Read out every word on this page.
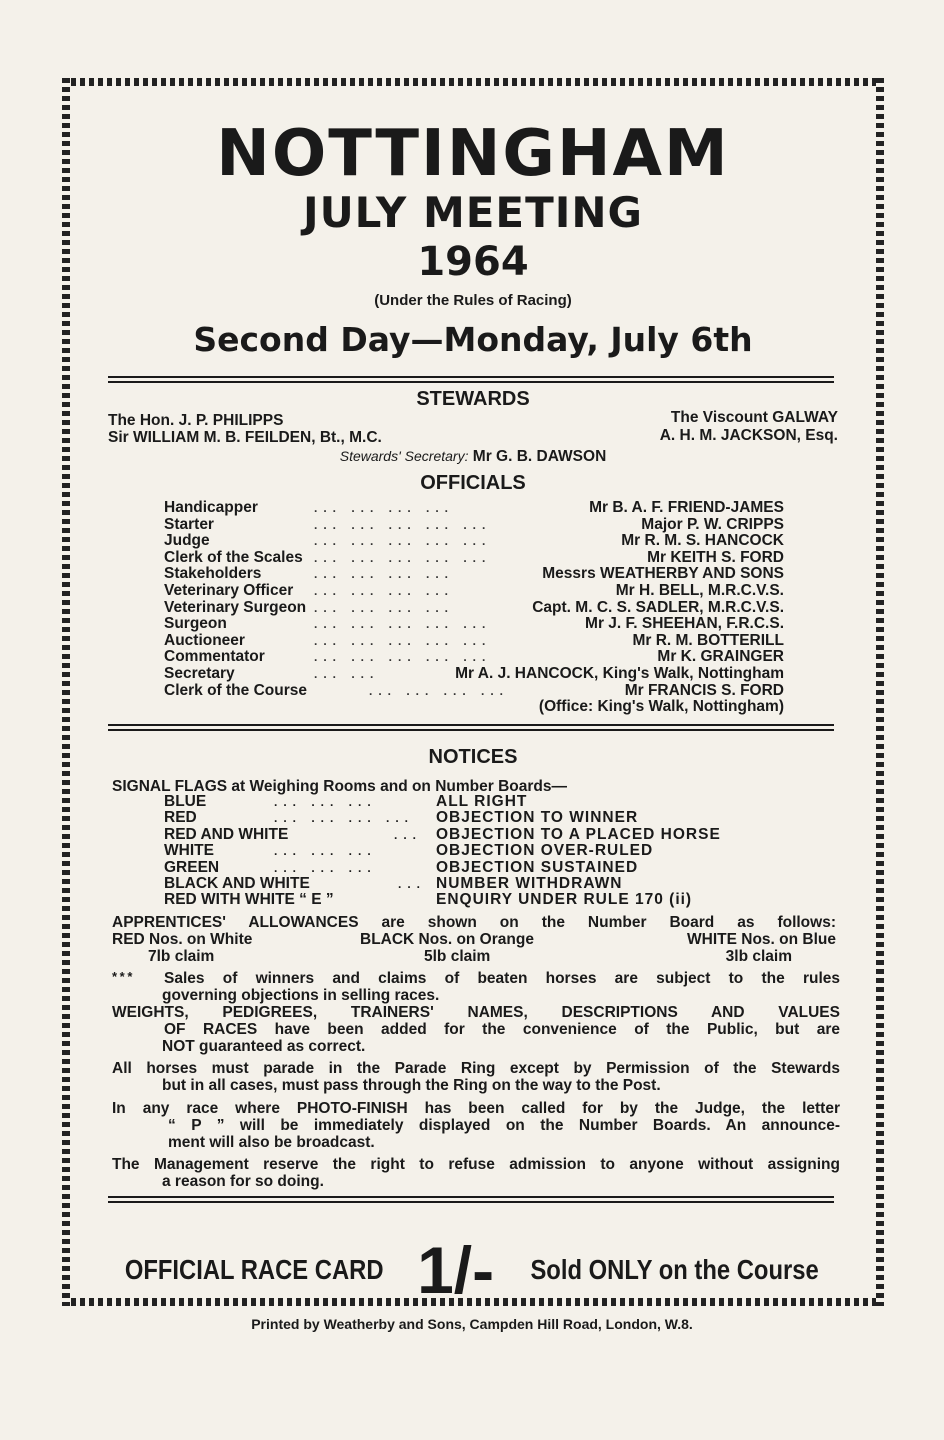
NOTTINGHAM
JULY MEETING
1964
(Under the Rules of Racing)
Second Day—Monday, July 6th
STEWARDS
The Hon. J. P. PHILIPPS
Sir WILLIAM M. B. FEILDEN, Bt., M.C.
The Viscount GALWAY
A. H. M. JACKSON, Esq.
Stewards' Secretary: Mr G. B. DAWSON
OFFICIALS
Handicapper	... ... ... ...	Mr B. A. F. FRIEND-JAMES
Starter	... ... ... ... ...	Major P. W. CRIPPS
Judge	... ... ... ... ...	Mr R. M. S. HANCOCK
Clerk of the Scales ... ... ... ... ...	Mr KEITH S. FORD
Stakeholders	... ... ... ...	Messrs WEATHERBY AND SONS
Veterinary Officer ... ... ... ...	Mr H. BELL, M.R.C.V.S.
Veterinary Surgeon ... ... ... ...	Capt. M. C. S. SADLER, M.R.C.V.S.
Surgeon	... ... ... ... ...	Mr J. F. SHEEHAN, F.R.C.S.
Auctioneer	... ... ... ... ...	Mr R. M. BOTTERILL
Commentator	... ... ... ... ...	Mr K. GRAINGER
Secretary	... ...	Mr A. J. HANCOCK, King's Walk, Nottingham
Clerk of the Course	... ... ... ...	Mr FRANCIS S. FORD
(Office: King's Walk, Nottingham)
NOTICES
SIGNAL FLAGS at Weighing Rooms and on Number Boards—
BLUE	... ... ...	ALL RIGHT
RED	... ... ... ...	OBJECTION TO WINNER
RED AND WHITE	... OBJECTION TO A PLACED HORSE
WHITE	... ... ...	OBJECTION OVER-RULED
GREEN	... ... ...	OBJECTION SUSTAINED
BLACK AND WHITE	... NUMBER WITHDRAWN
RED WITH WHITE “ E ”	ENQUIRY UNDER RULE 170 (ii)
APPRENTICES' ALLOWANCES are shown on the Number Board as follows:
RED Nos. on White	BLACK Nos. on Orange	WHITE Nos. on Blue
7lb claim	5lb claim	3lb claim
* * *	Sales of winners and claims of beaten horses are subject to the rules
governing objections in selling races.
WEIGHTS, PEDIGREES, TRAINERS' NAMES, DESCRIPTIONS AND VALUES
OF RACES have been added for the convenience of the Public, but are
NOT guaranteed as correct.
All horses must parade in the Parade Ring except by Permission of the Stewards
but in all cases, must pass through the Ring on the way to the Post.
In any race where PHOTO-FINISH has been called for by the Judge, the letter
“ P ” will be immediately displayed on the Number Boards. An announce-
ment will also be broadcast.
The Management reserve the right to refuse admission to anyone without assigning
a reason for so doing.
OFFICIAL RACE CARD 1/- Sold ONLY on the Course
Printed by Weatherby and Sons, Campden Hill Road, London, W.8.
